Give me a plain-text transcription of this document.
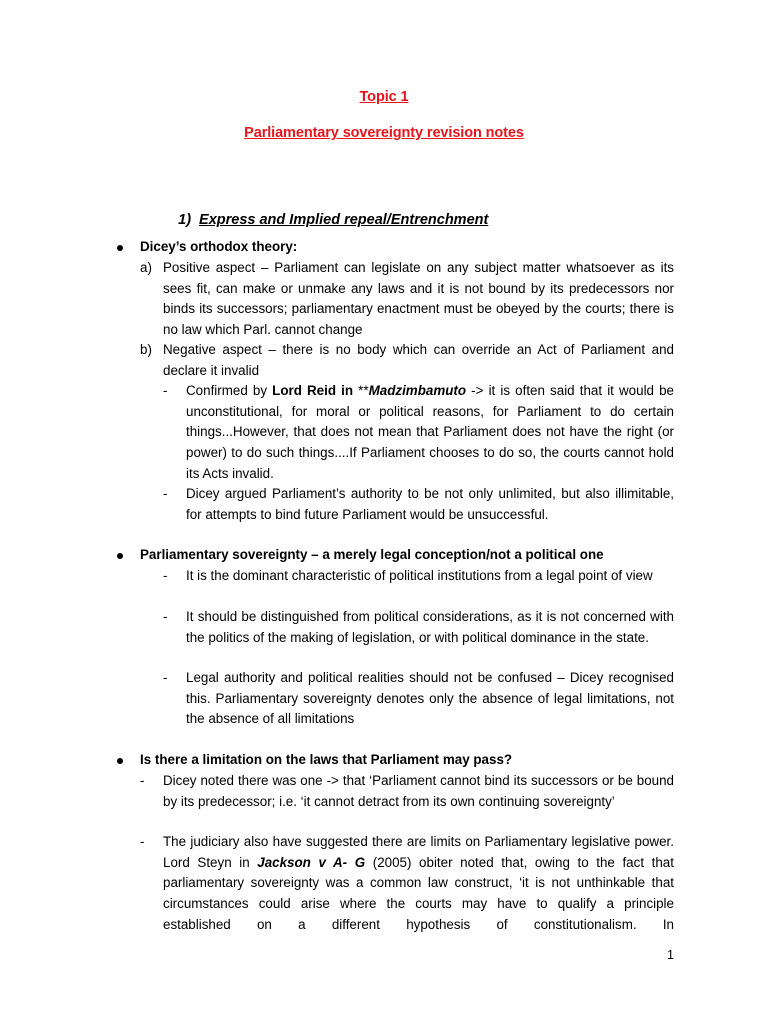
Topic 1
Parliamentary sovereignty revision notes

1) Express and Implied repeal/Entrenchment

Dicey’s orthodox theory:
a) Positive aspect – Parliament can legislate on any subject matter whatsoever as its sees fit, can make or unmake any laws and it is not bound by its predecessors nor binds its successors; parliamentary enactment must be obeyed by the courts; there is no law which Parl. cannot change
b) Negative aspect – there is no body which can override an Act of Parliament and declare it invalid
- Confirmed by Lord Reid in **Madzimbamuto -> it is often said that it would be unconstitutional, for moral or political reasons, for Parliament to do certain things...However, that does not mean that Parliament does not have the right (or power) to do such things....If Parliament chooses to do so, the courts cannot hold its Acts invalid.
- Dicey argued Parliament’s authority to be not only unlimited, but also illimitable, for attempts to bind future Parliament would be unsuccessful.
Parliamentary sovereignty – a merely legal conception/not a political one
- It is the dominant characteristic of political institutions from a legal point of view
- It should be distinguished from political considerations, as it is not concerned with the politics of the making of legislation, or with political dominance in the state.
- Legal authority and political realities should not be confused – Dicey recognised this. Parliamentary sovereignty denotes only the absence of legal limitations, not the absence of all limitations
Is there a limitation on the laws that Parliament may pass?
- Dicey noted there was one -> that ‘Parliament cannot bind its successors or be bound by its predecessor; i.e. ‘it cannot detract from its own continuing sovereignty’
- The judiciary also have suggested there are limits on Parliamentary legislative power. Lord Steyn in Jackson v A- G (2005) obiter noted that, owing to the fact that parliamentary sovereignty was a common law construct, ‘it is not unthinkable that circumstances could arise where the courts may have to qualify a principle established on a different hypothesis of constitutionalism. In
1
